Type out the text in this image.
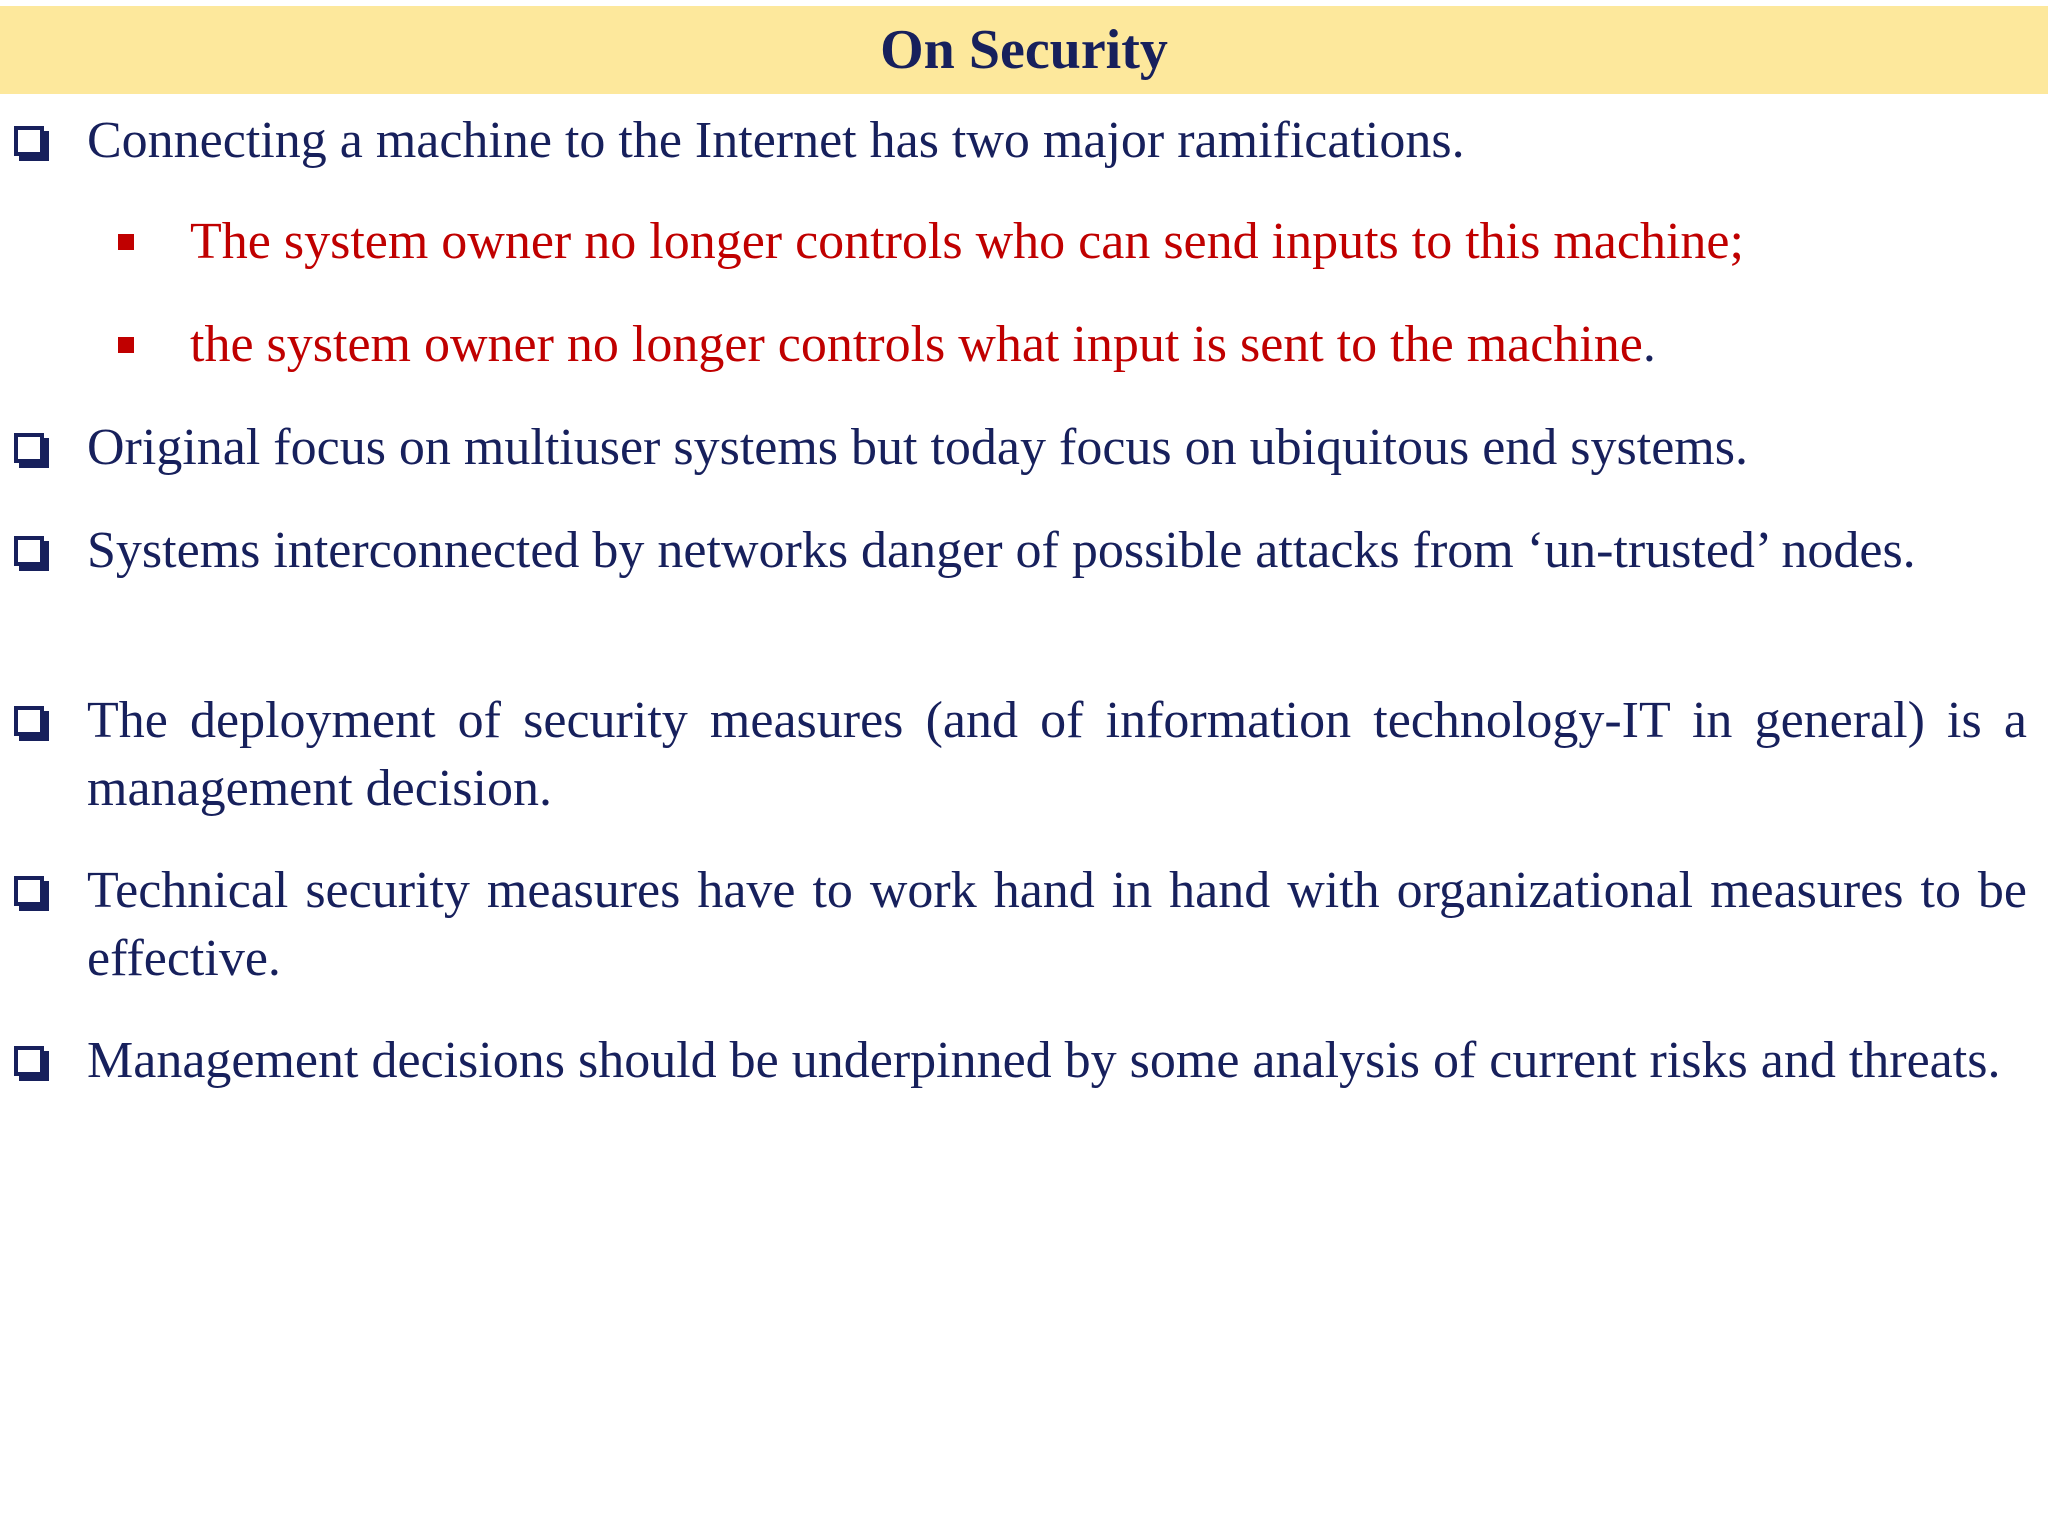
On Security
Connecting a machine to the Internet has two major ramifications.
The system owner no longer controls who can send inputs to this machine;
the system owner no longer controls what input is sent to the machine.
Original focus on multiuser systems but today focus on ubiquitous end systems.
Systems interconnected by networks danger of possible attacks from ‘un-trusted’ nodes.
The deployment of security measures (and of information technology-IT in general) is a management decision.
Technical security measures have to work hand in hand with organizational measures to be effective.
Management decisions should be underpinned by some analysis of current risks and threats.
